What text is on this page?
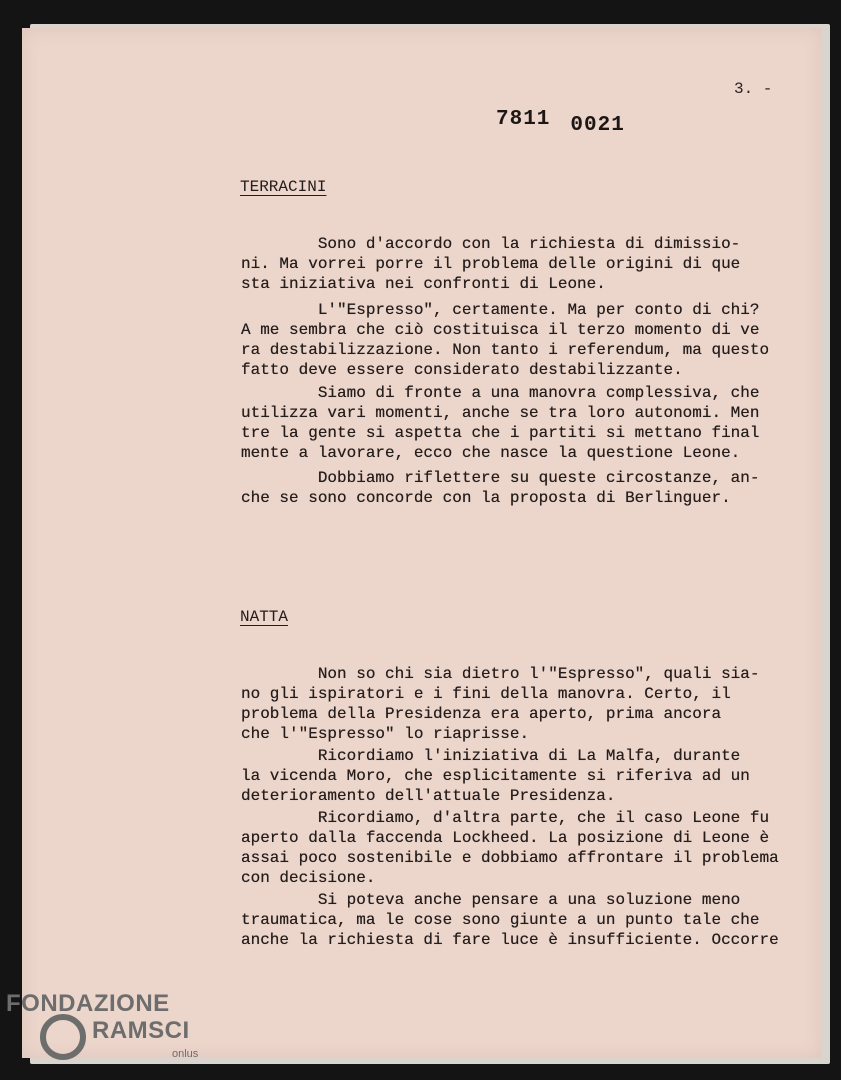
3. -
7811 0021
TERRACINI
Sono d'accordo con la richiesta di dimissio-
ni. Ma vorrei porre il problema delle origini di que
sta iniziativa nei confronti di Leone.
L'"Espresso", certamente. Ma per conto di chi?
A me sembra che ciò costituisca il terzo momento di ve
ra destabilizzazione. Non tanto i referendum, ma questo
fatto deve essere considerato destabilizzante.
Siamo di fronte a una manovra complessiva, che
utilizza vari momenti, anche se tra loro autonomi. Men
tre la gente si aspetta che i partiti si mettano final
mente a lavorare, ecco che nasce la questione Leone.
Dobbiamo riflettere su queste circostanze, an-
che se sono concorde con la proposta di Berlinguer.
NATTA
Non so chi sia dietro l'"Espresso", quali sia-
no gli ispiratori e i fini della manovra. Certo, il
problema della Presidenza era aperto, prima ancora
che l'"Espresso" lo riaprisse.
Ricordiamo l'iniziativa di La Malfa, durante
la vicenda Moro, che esplicitamente si riferiva ad un
deterioramento dell'attuale Presidenza.
Ricordiamo, d'altra parte, che il caso Leone fu
aperto dalla faccenda Lockheed. La posizione di Leone è
assai poco sostenibile e dobbiamo affrontare il problema
con decisione.
Si poteva anche pensare a una soluzione meno
traumatica, ma le cose sono giunte a un punto tale che
anche la richiesta di fare luce è insufficiente. Occorre
FONDAZIONE
RAMSCI
onlus
